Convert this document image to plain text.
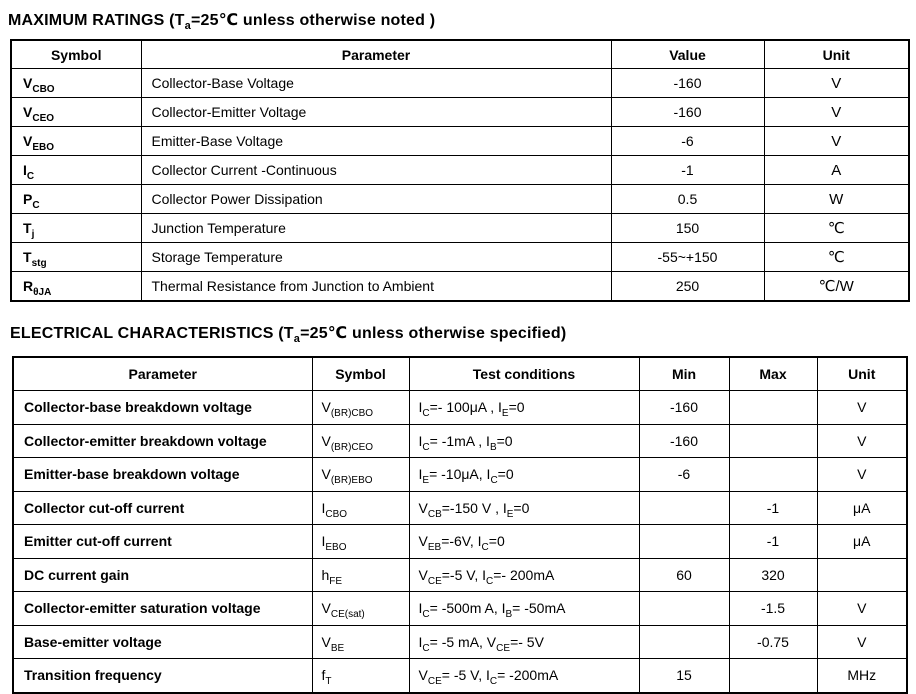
MAXIMUM RATINGS ($T_a=25℃$ unless otherwise noted )
Symbol	Parameter	Value	Unit
$V_{CBO}$	Collector-Base Voltage	-160	V
$V_{CEO}$	Collector-Emitter Voltage	-160	V
$V_{EBO}$	Emitter-Base Voltage	-6	V
$I_C$	Collector Current -Continuous	-1	A
$P_C$	Collector Power Dissipation	0.5	W
$T_j$	Junction Temperature	150	℃
$T_{stg}$	Storage Temperature	-55~+150	℃
$R_{\theta JA}$	Thermal Resistance from Junction to Ambient	250	℃/W
ELECTRICAL CHARACTERISTICS ($T_a=25℃$ unless otherwise specified)
Parameter	Symbol	Test conditions	Min	Max	Unit
Collector-base breakdown voltage	$V_{(BR)CBO}$	$I_C=-$ 100μA , $I_E=0$	-160		V
Collector-emitter breakdown voltage	$V_{(BR)CEO}$	$I_C= -1mA$ , $I_B=0$	-160		V
Emitter-base breakdown voltage	$V_{(BR)EBO}$	$I_E= -10\mu A$, $I_C=0$	-6		V
Collector cut-off current	$I_{CBO}$	$V_{CB}=-150$ V , $I_E=0$		-1	μA
Emitter cut-off current	$I_{EBO}$	$V_{EB}=-6V$, $I_C=0$		-1	μA
DC current gain	$h_{FE}$	$V_{CE}=-5$ V, $I_C=-$ 200mA	60	320	
Collector-emitter saturation voltage	$V_{CE(sat)}$	$I_C= -500m$ A, $I_B= -50mA$		-1.5	V
Base-emitter voltage	$V_{BE}$	$I_C= -5$ mA, $V_{CE}=-$ 5V		-0.75	V
Transition frequency	$f_T$	$V_{CE}= -5$ V, $I_C= -200mA$	15		MHz
